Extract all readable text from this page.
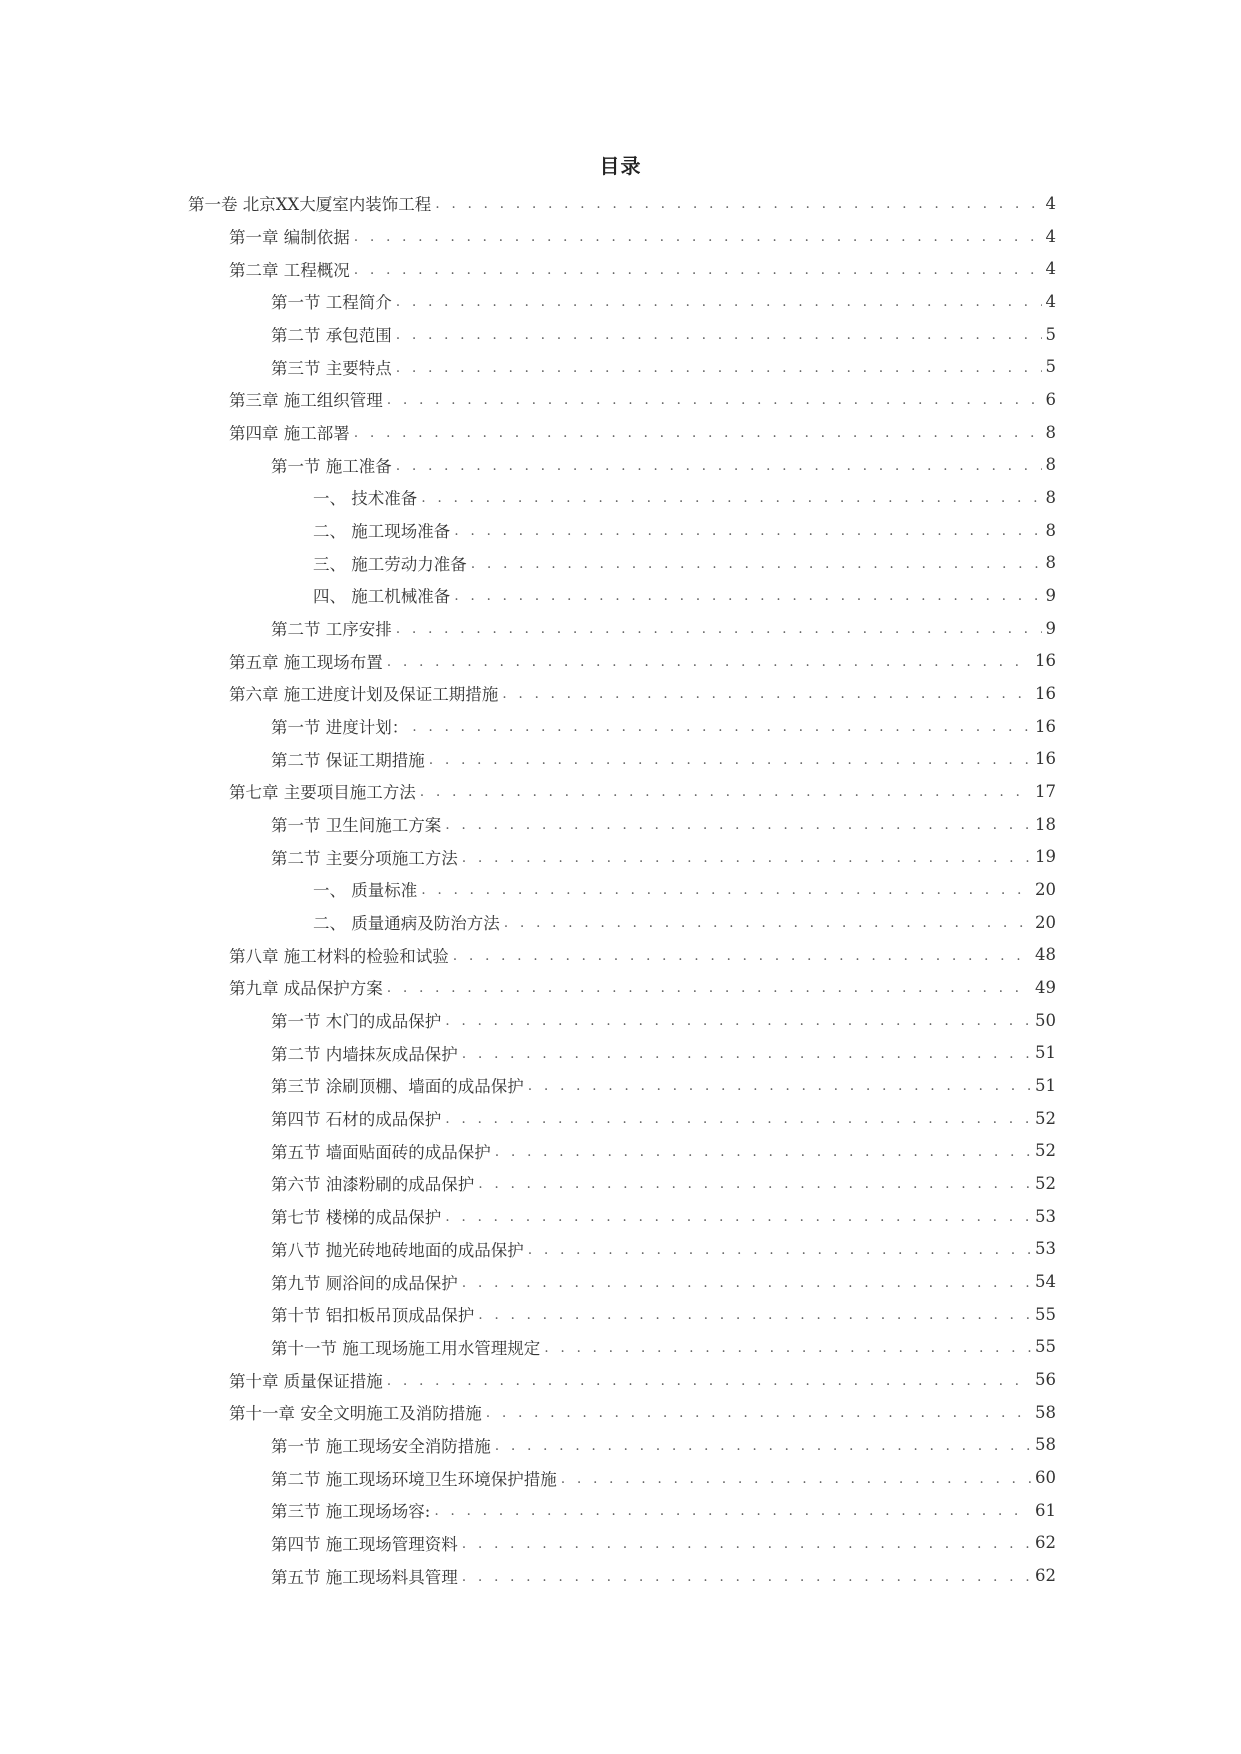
目录
第一卷 北京XX大厦室内装饰工程 . . .	4
第一章 编制依据 . . .	4
第二章 工程概况 . . .	4
第一节 工程简介 . . .	4
第二节 承包范围 . . .	5
第三节 主要特点 . . .	5
第三章 施工组织管理 . . .	6
第四章 施工部署 . . .	8
第一节 施工准备 . . .	8
一、 技术准备 . . .	8
二、 施工现场准备 . . .	8
三、 施工劳动力准备 . . .	8
四、 施工机械准备 . . .	9
第二节 工序安排 . . .	9
第五章 施工现场布置 . . .	16
第六章 施工进度计划及保证工期措施 . . .	16
第一节 进度计划： . . .	16
第二节 保证工期措施 . . .	16
第七章 主要项目施工方法 . . .	17
第一节 卫生间施工方案 . . .	18
第二节 主要分项施工方法 . . .	19
一、 质量标准 . . .	20
二、 质量通病及防治方法 . . .	20
第八章 施工材料的检验和试验 . . .	48
第九章 成品保护方案 . . .	49
第一节 木门的成品保护 . . .	50
第二节 内墙抹灰成品保护 . . .	51
第三节 涂刷顶棚、墙面的成品保护 . . .	51
第四节 石材的成品保护 . . .	52
第五节 墙面贴面砖的成品保护 . . .	52
第六节 油漆粉刷的成品保护 . . .	52
第七节 楼梯的成品保护 . . .	53
第八节 抛光砖地砖地面的成品保护 . . .	53
第九节 厕浴间的成品保护 . . .	54
第十节 铝扣板吊顶成品保护 . . .	55
第十一节 施工现场施工用水管理规定 . . .	55
第十章 质量保证措施 . . .	56
第十一章 安全文明施工及消防措施 . . .	58
第一节 施工现场安全消防措施 . . .	58
第二节 施工现场环境卫生环境保护措施 . . .	60
第三节 施工现场场容: . . .	61
第四节 施工现场管理资料 . . .	62
第五节 施工现场料具管理 . . .	62
